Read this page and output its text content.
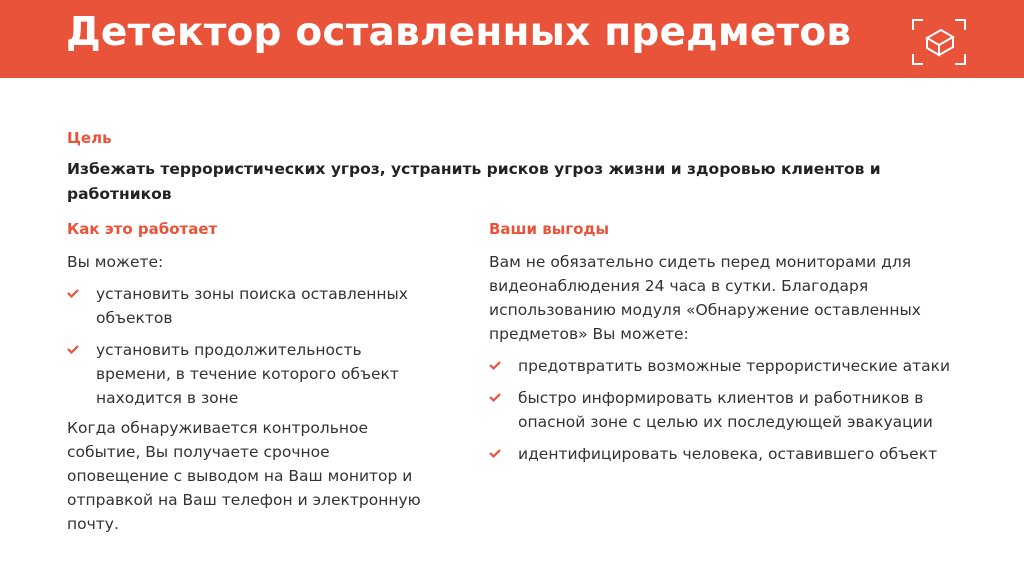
Детектор оставленных предметов
Цель

Избежать террористических угроз, устранить рисков угроз жизни и здоровью клиентов и работников

Как это работает

Вы можете:

установить зоны поиска оставленных объектов
установить продолжительность времени, в течение которого объект находится в зоне

Когда обнаруживается контрольное событие, Вы получаете срочное оповещение с выводом на Ваш монитор и отправкой на Ваш телефон и электронную почту.

Ваши выгоды

Вам не обязательно сидеть перед мониторами для видеонаблюдения 24 часа в сутки. Благодаря использованию модуля «Обнаружение оставленных предметов» Вы можете:

предотвратить возможные террористические атаки
быстро информировать клиентов и работников в опасной зоне с целью их последующей эвакуации
идентифицировать человека, оставившего объект
